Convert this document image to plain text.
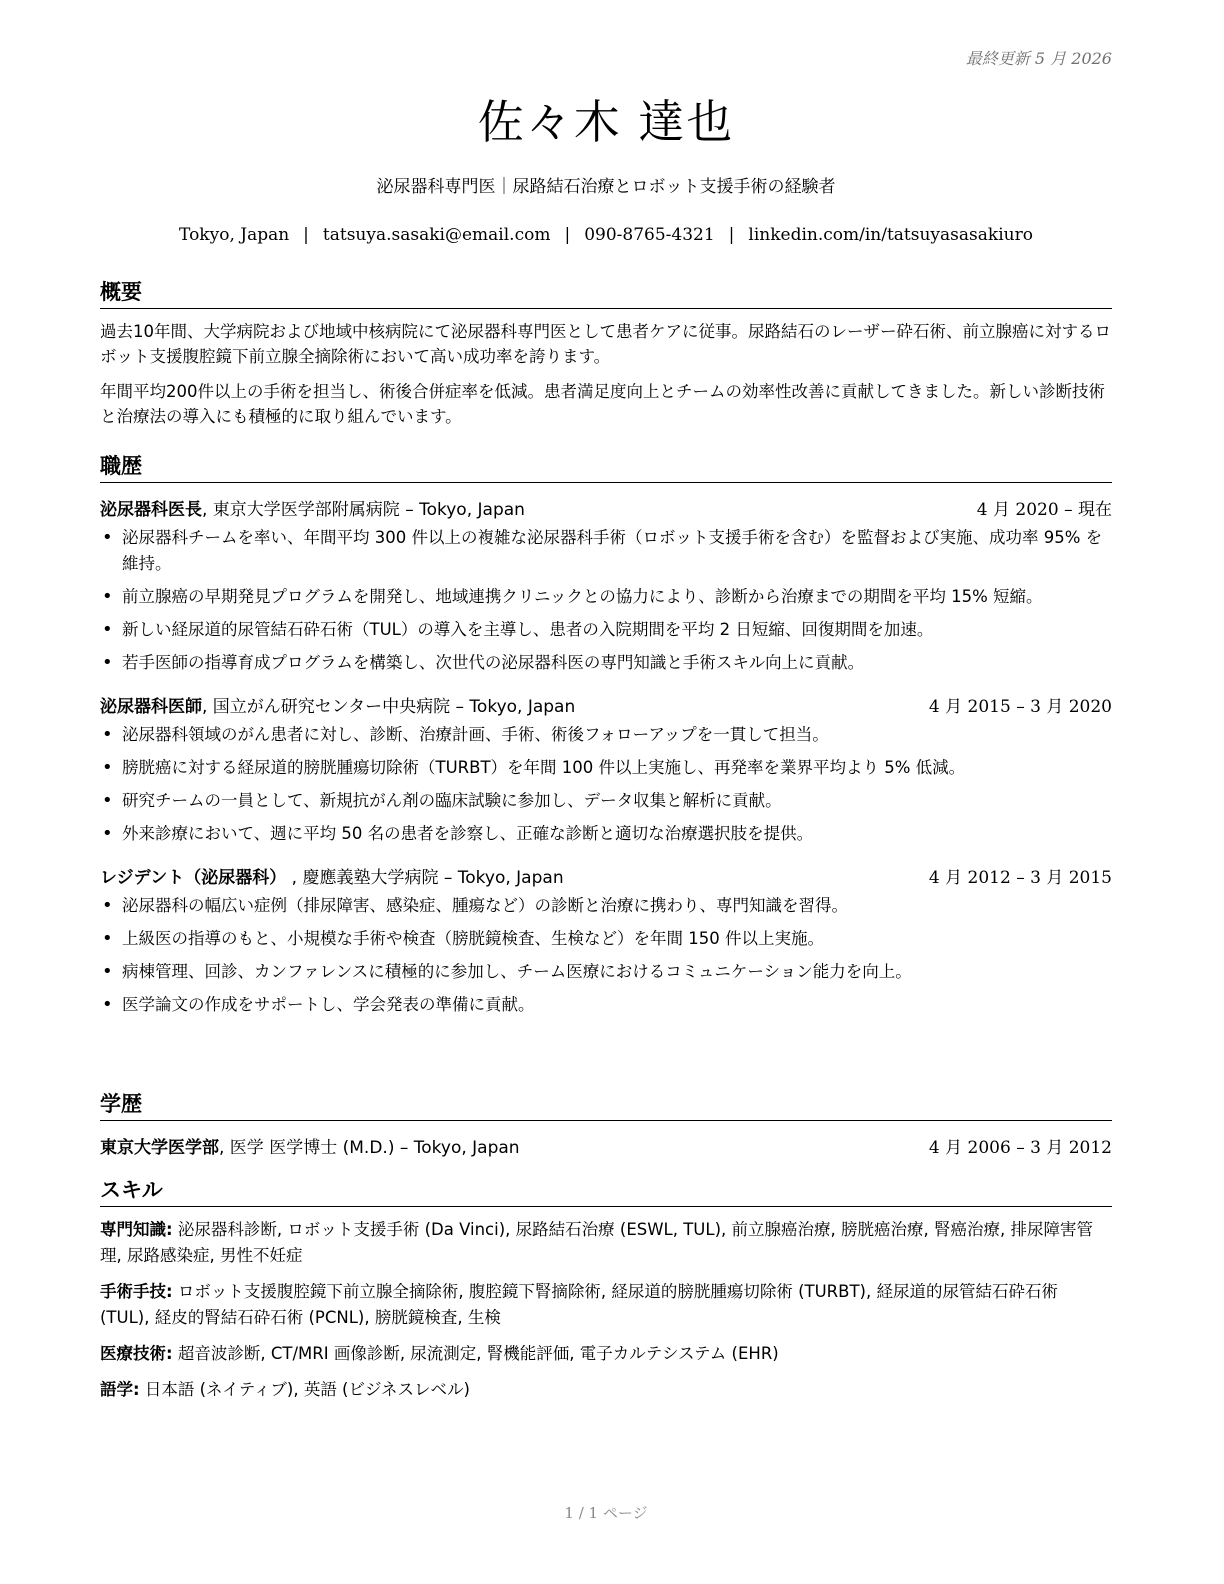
最終更新 5 月 2026
佐々木 達也
泌尿器科専門医｜尿路結石治療とロボット支援手術の経験者
Tokyo, Japan | tatsuya.sasaki@email.com | 090-8765-4321 | linkedin.com/in/tatsuyasasakiuro
概要

過去10年間、大学病院および地域中核病院にて泌尿器科専門医として患者ケアに従事。尿路結石のレーザー砕石術、前立腺癌に対するロボット支援腹腔鏡下前立腺全摘除術において高い成功率を誇ります。

年間平均200件以上の手術を担当し、術後合併症率を低減。患者満足度向上とチームの効率性改善に貢献してきました。新しい診断技術と治療法の導入にも積極的に取り組んでいます。

職歴
泌尿器科医長, 東京大学医学部附属病院 – Tokyo, Japan	4 月 2020 – 現在
• 泌尿器科チームを率い、年間平均 300 件以上の複雑な泌尿器科手術（ロボット支援手術を含む）を監督および実施、成功率 95% を維持。
• 前立腺癌の早期発見プログラムを開発し、地域連携クリニックとの協力により、診断から治療までの期間を平均 15% 短縮。
• 新しい経尿道的尿管結石砕石術（TUL）の導入を主導し、患者の入院期間を平均 2 日短縮、回復期間を加速。
• 若手医師の指導育成プログラムを構築し、次世代の泌尿器科医の専門知識と手術スキル向上に貢献。
泌尿器科医師, 国立がん研究センター中央病院 – Tokyo, Japan	4 月 2015 – 3 月 2020
• 泌尿器科領域のがん患者に対し、診断、治療計画、手術、術後フォローアップを一貫して担当。
• 膀胱癌に対する経尿道的膀胱腫瘍切除術（TURBT）を年間 100 件以上実施し、再発率を業界平均より 5% 低減。
• 研究チームの一員として、新規抗がん剤の臨床試験に参加し、データ収集と解析に貢献。
• 外来診療において、週に平均 50 名の患者を診察し、正確な診断と適切な治療選択肢を提供。
レジデント（泌尿器科） , 慶應義塾大学病院 – Tokyo, Japan	4 月 2012 – 3 月 2015
• 泌尿器科の幅広い症例（排尿障害、感染症、腫瘍など）の診断と治療に携わり、専門知識を習得。
• 上級医の指導のもと、小規模な手術や検査（膀胱鏡検査、生検など）を年間 150 件以上実施。
• 病棟管理、回診、カンファレンスに積極的に参加し、チーム医療におけるコミュニケーション能力を向上。
• 医学論文の作成をサポートし、学会発表の準備に貢献。
学歴
東京大学医学部, 医学 医学博士 (M.D.) – Tokyo, Japan	4 月 2006 – 3 月 2012
スキル
専門知識: 泌尿器科診断, ロボット支援手術 (Da Vinci), 尿路結石治療 (ESWL, TUL), 前立腺癌治療, 膀胱癌治療, 腎癌治療, 排尿障害管理, 尿路感染症, 男性不妊症
手術手技: ロボット支援腹腔鏡下前立腺全摘除術, 腹腔鏡下腎摘除術, 経尿道的膀胱腫瘍切除術 (TURBT), 経尿道的尿管結石砕石術 (TUL), 経皮的腎結石砕石術 (PCNL), 膀胱鏡検査, 生検
医療技術: 超音波診断, CT/MRI 画像診断, 尿流測定, 腎機能評価, 電子カルテシステム (EHR)
語学: 日本語 (ネイティブ), 英語 (ビジネスレベル)
1 / 1 ページ
